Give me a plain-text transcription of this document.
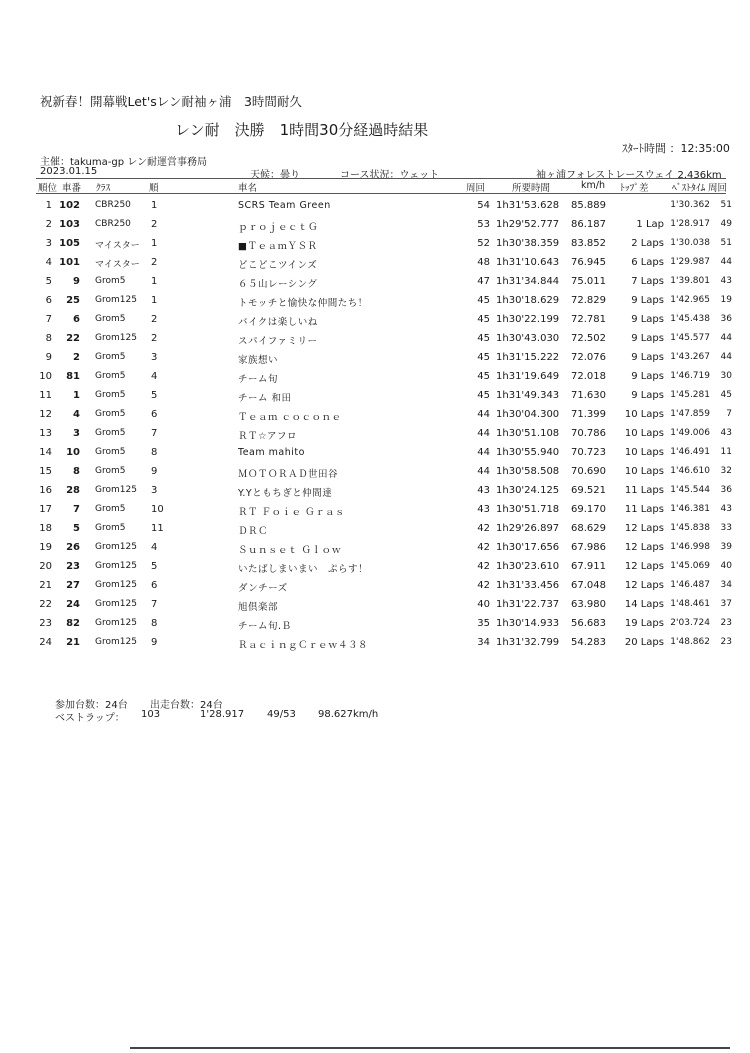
祝新春！開幕戦Let'sレン耐袖ヶ浦　3時間耐久
レン耐　決勝　1時間30分経過時結果
ｽﾀｰﾄ時間 ：12:35:00
主催：takuma-gp レン耐運営事務局
2023.01.15	天候：曇り	コース状況：ウェット	袖ヶ浦フォレストレースウェイ 2.436km
順位 車番 ｸﾗｽ	順	車名	周回	所要時間	km/h ﾄｯﾌﾟ差 ﾍﾞｽﾄﾀｲﾑ 周回
1 102 CBR250 1	SCRS Team Green	54 1h31'53.628	85.889	1'30.362	51
2 103 CBR250 2	ｐｒｏｊｅｃｔＧ	53 1h29'52.777	86.187	1 Lap 1'28.917	49
3 105 マイスター 1	■ＴｅａｍＹＳＲ	52 1h30'38.359	83.852	2 Laps 1'30.038	51
4 101 マイスター 2	どこどこツインズ	48 1h31'10.643	76.945	6 Laps 1'29.987	44
5	9 Grom5	1	６５山レーシング	47 1h31'34.844	75.011	7 Laps 1'39.801	43
6	25 Grom125 1	トモッチと愉快な仲間たち！	45 1h30'18.629	72.829	9 Laps 1'42.965	19
7	6 Grom5	2	バイクは楽しいね	45 1h30'22.199	72.781	9 Laps 1'45.438	36
8	22 Grom125 2	スパイファミリー	45 1h30'43.030	72.502	9 Laps 1'45.577	44
9	2 Grom5	3	家族想い	45 1h31'15.222	72.076	9 Laps 1'43.267	44
10	81 Grom5	4	チーム旬	45 1h31'19.649	72.018	9 Laps 1'46.719	30
11	1 Grom5	5	チーム 和田	45 1h31'49.343	71.630	9 Laps 1'45.281	45
12	4 Grom5	6	Ｔｅａｍ ｃｏｃｏｎｅ	44 1h30'04.300	71.399	10 Laps 1'47.859	7
13	3 Grom5	7	ＲＴ☆アフロ	44 1h30'51.108	70.786	10 Laps 1'49.006	43
14	10 Grom5	8	Team mahito	44 1h30'55.940	70.723	10 Laps 1'46.491	11
15	8 Grom5	9	ＭＯＴＯＲＡＤ世田谷	44 1h30'58.508	70.690	10 Laps 1'46.610	32
16	28 Grom125 3	Y.Yともちぎと仲間達	43 1h30'24.125	69.521	11 Laps 1'45.544	36
17	7 Grom5	10	ＲＴ Ｆｏｉｅ Ｇｒａｓ	43 1h30'51.718	69.170	11 Laps 1'46.381	43
18	5 Grom5	11	ＤＲＣ	42 1h29'26.897	68.629	12 Laps 1'45.838	33
19	26 Grom125 4	Ｓｕｎｓｅｔ Ｇｌｏｗ	42 1h30'17.656	67.986	12 Laps 1'46.998	39
20	23 Grom125 5	いたばしまいまい　ぷらす！	42 1h30'23.610	67.911	12 Laps 1'45.069	40
21	27 Grom125 6	ダンチーズ	42 1h31'33.456	67.048	12 Laps 1'46.487	34
22	24 Grom125 7	旭倶楽部	40 1h31'22.737	63.980	14 Laps 1'48.461	37
23	82 Grom125 8	チーム旬.Ｂ	35 1h30'14.933	56.683	19 Laps 2'03.724	23
24	21 Grom125 9	ＲａｃｉｎｇＣｒｅｗ４３８	34 1h31'32.799	54.283	20 Laps 1'48.862	23
参加台数：24台 出走台数：24台
ベストラップ： 103	1'28.917 49/53 98.627km/h
